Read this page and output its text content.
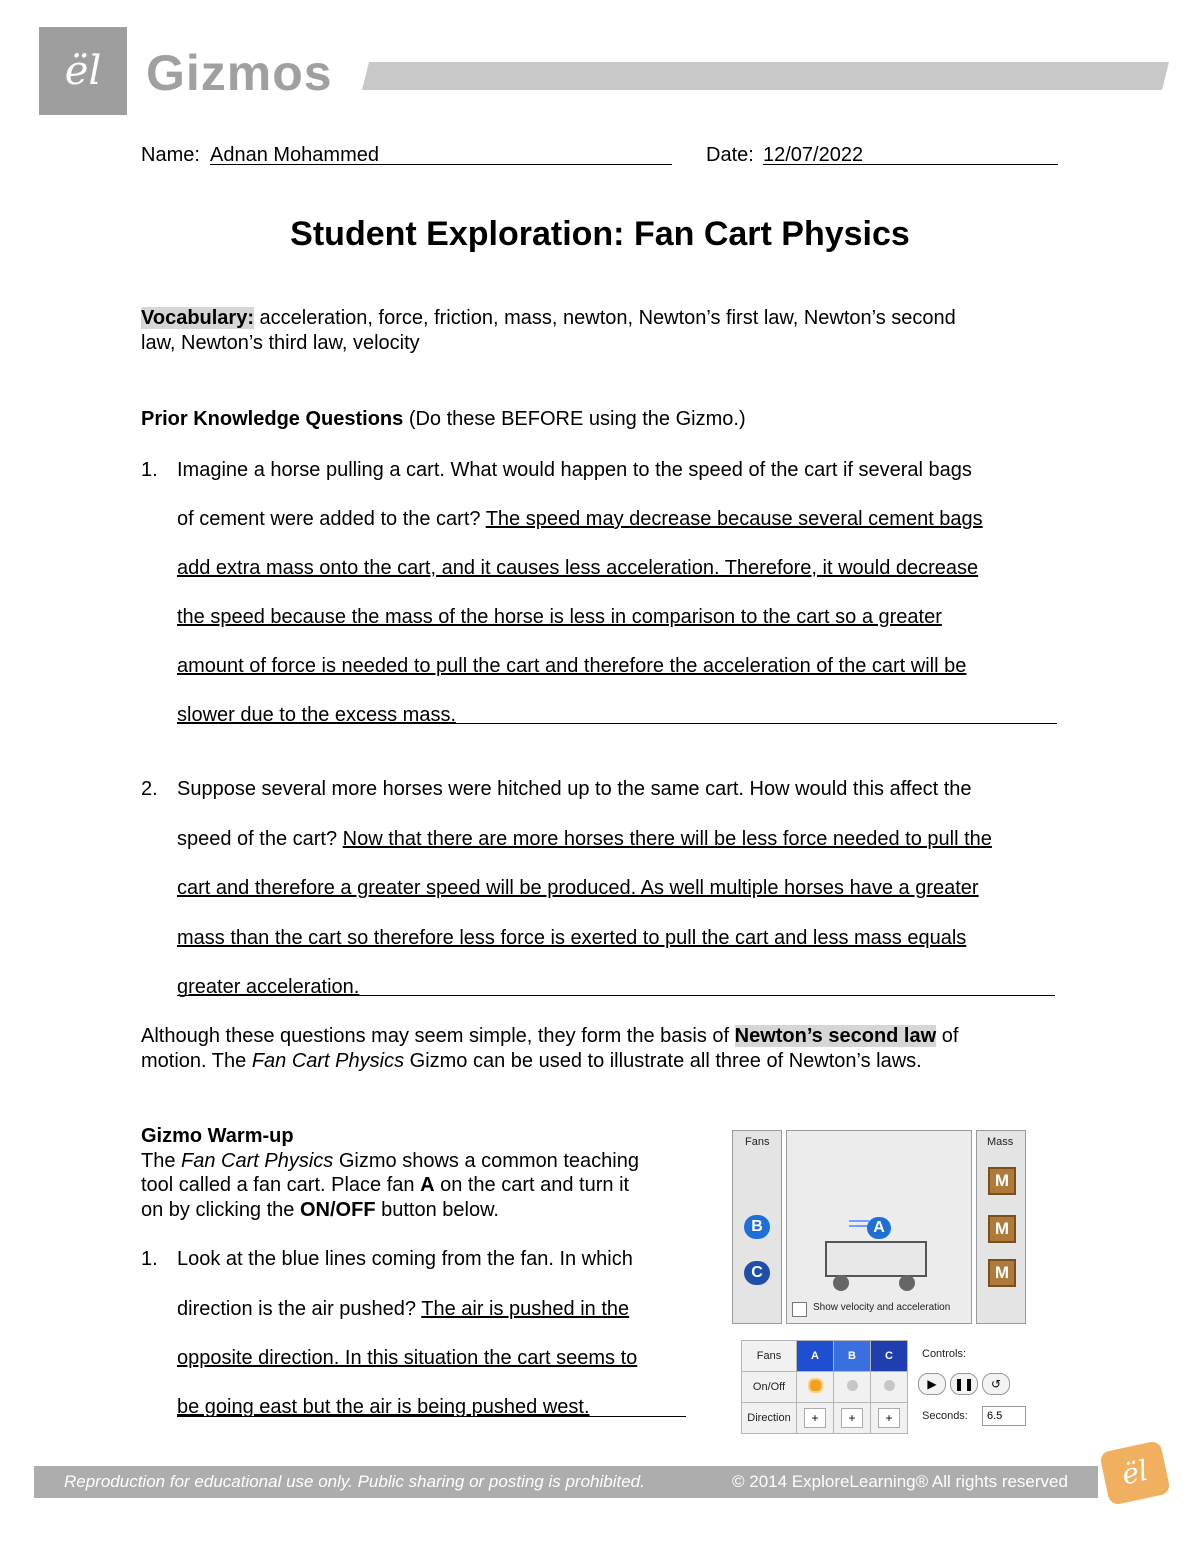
ël Gizmos
Name: Adnan Mohammed	Date: 12/07/2022
Student Exploration: Fan Cart Physics
Vocabulary: acceleration, force, friction, mass, newton, Newton’s first law, Newton’s second
law, Newton’s third law, velocity
Prior Knowledge Questions (Do these BEFORE using the Gizmo.)
1. Imagine a horse pulling a cart. What would happen to the speed of the cart if several bags
of cement were added to the cart? The speed may decrease because several cement bags
add extra mass onto the cart, and it causes less acceleration. Therefore, it would decrease
the speed because the mass of the horse is less in comparison to the cart so a greater
amount of force is needed to pull the cart and therefore the acceleration of the cart will be
slower due to the excess mass.
2. Suppose several more horses were hitched up to the same cart. How would this affect the
speed of the cart? Now that there are more horses there will be less force needed to pull the
cart and therefore a greater speed will be produced. As well multiple horses have a greater
mass than the cart so therefore less force is exerted to pull the cart and less mass equals
greater acceleration.
Although these questions may seem simple, they form the basis of Newton’s second law of
motion. The Fan Cart Physics Gizmo can be used to illustrate all three of Newton’s laws.
Gizmo Warm-up
The Fan Cart Physics Gizmo shows a common teaching
tool called a fan cart. Place fan A on the cart and turn it
on by clicking the ON/OFF button below.
1. Look at the blue lines coming from the fan. In which
direction is the air pushed? The air is pushed in the
opposite direction. In this situation the cart seems to
be going east but the air is being pushed west.
Fans
B
C
A
Show velocity and acceleration
Mass
M
M
M
Fans	A	B	C
On/Off			
Direction	+	+	+
Controls:
▶	❚❚	↺
Seconds:	6.5
Reproduction for educational use only. Public sharing or posting is prohibited.	© 2014 ExploreLearning® All rights reserved	ël
